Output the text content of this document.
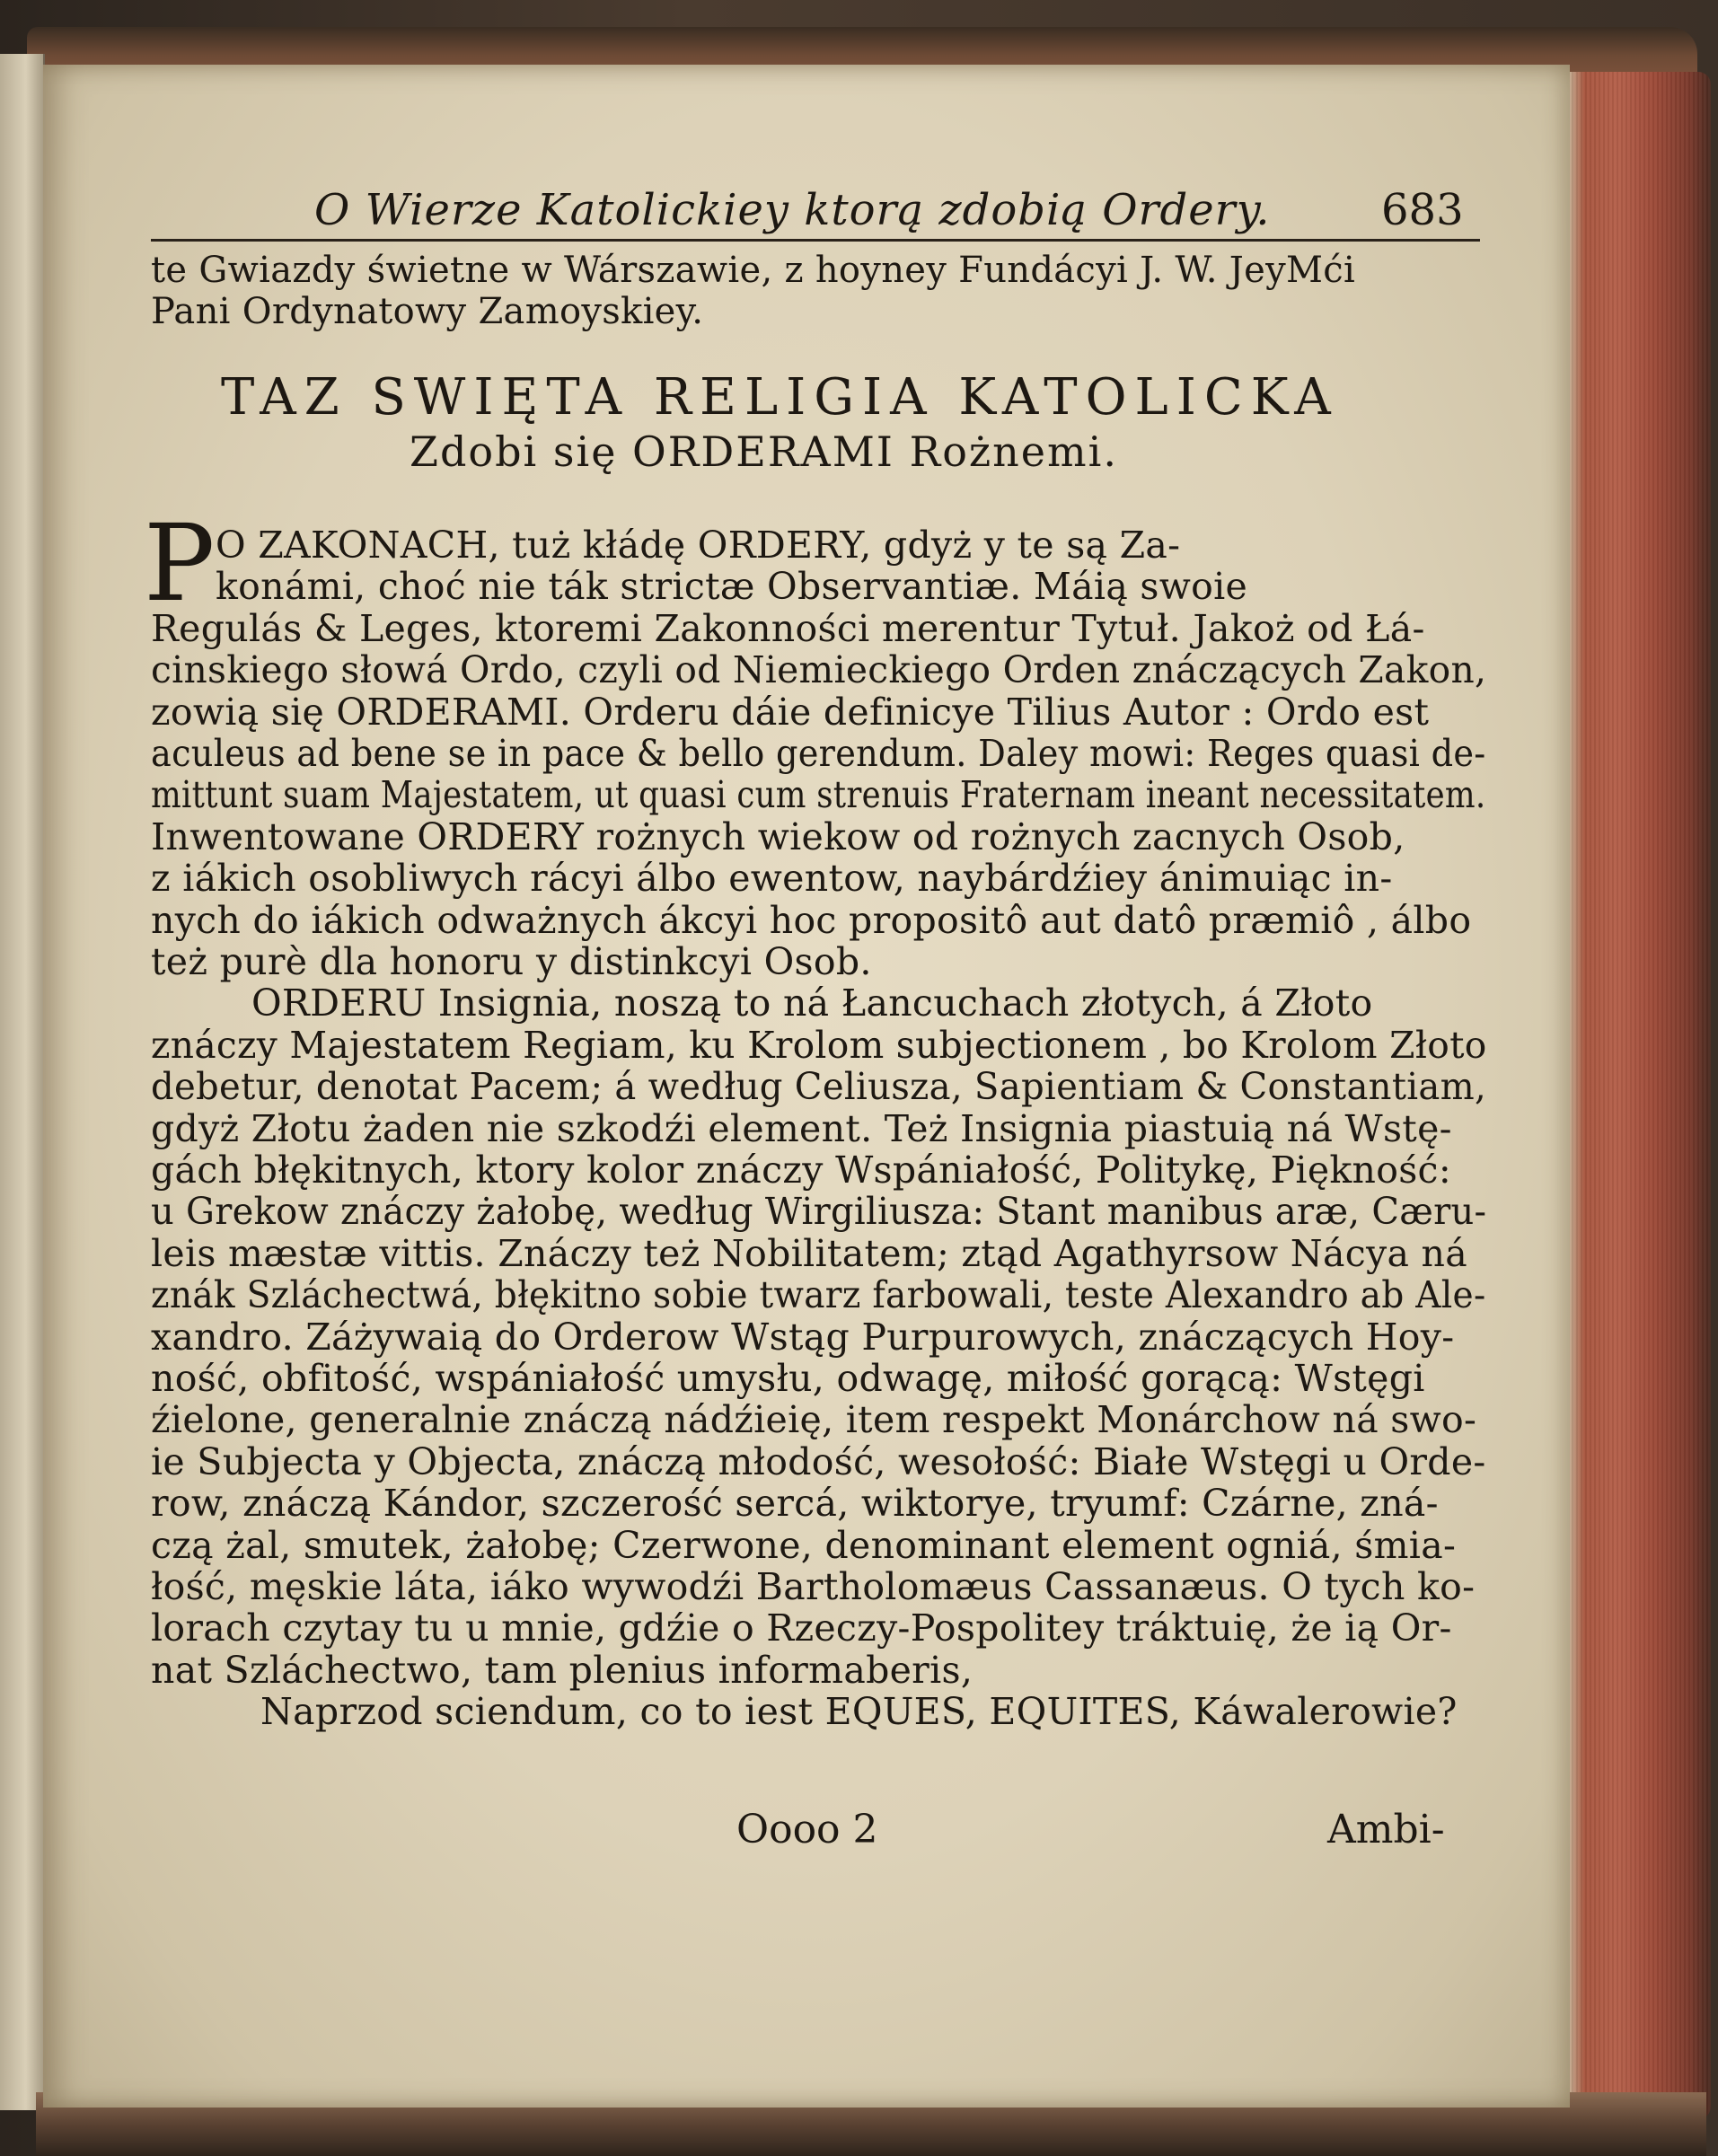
O Wierze Katolickiey ktorą zdobią Ordery.	683
te Gwiazdy świetne w Wárszawie, z hoyney Fundácyi J. W. JeyMći
Pani Ordynatowy Zamoyskiey.
TAZ SWIĘTA RELIGIA KATOLICKA
Zdobi się ORDERAMI Rożnemi.
P O ZAKONACH, tuż kłádę ORDERY, gdyż y te są Za-
konámi, choć nie ták strictæ Observantiæ. Máią swoie
Regulás & Leges, ktoremi Zakonności merentur Tytuł. Jakoż od Łá-
cinskiego słowá Ordo, czyli od Niemieckiego Orden znáczących Zakon,
zowią się ORDERAMI. Orderu dáie definicye Tilius Autor : Ordo est
aculeus ad bene se in pace & bello gerendum. Daley mowi: Reges quasi de-
mittunt suam Majestatem, ut quasi cum strenuis Fraternam ineant necessitatem.
Inwentowane ORDERY rożnych wiekow od rożnych zacnych Osob,
z iákich osobliwych rácyi álbo ewentow, naybárdźiey ánimuiąc in-
nych do iákich odważnych ákcyi hoc propositô aut datô præmiô , álbo
też purè dla honoru y distinkcyi Osob.
ORDERU Insignia, noszą to ná Łancuchach złotych, á Złoto
znáczy Majestatem Regiam, ku Krolom subjectionem , bo Krolom Złoto
debetur, denotat Pacem; á według Celiusza, Sapientiam & Constantiam,
gdyż Złotu żaden nie szkodźi element. Też Insignia piastuią ná Wstę-
gách błękitnych, ktory kolor znáczy Wspániałość, Politykę, Piękność:
u Grekow znáczy żałobę, według Wirgiliusza: Stant manibus aræ, Cæru-
leis mæstæ vittis. Znáczy też Nobilitatem; ztąd Agathyrsow Nácya ná
znák Szláchectwá, błękitno sobie twarz farbowali, teste Alexandro ab Ale-
xandro. Záżywaią do Orderow Wstąg Purpurowych, znáczących Hoy-
ność, obfitość, wspániałość umysłu, odwagę, miłość gorącą: Wstęgi
źielone, generalnie znáczą nádźieię, item respekt Monárchow ná swo-
ie Subjecta y Objecta, znáczą młodość, wesołość: Białe Wstęgi u Orde-
row, znáczą Kándor, szczerość sercá, wiktorye, tryumf: Czárne, zná-
czą żal, smutek, żałobę; Czerwone, denominant element ogniá, śmia-
łość, męskie láta, iáko wywodźi Bartholomæus Cassanæus. O tych ko-
lorach czytay tu u mnie, gdźie o Rzeczy-Pospolitey tráktuię, że ią Or-
nat Szláchectwo, tam plenius informaberis,
Naprzod sciendum, co to iest EQUES, EQUITES, Káwalerowie?
Oooo 2	Ambi-
